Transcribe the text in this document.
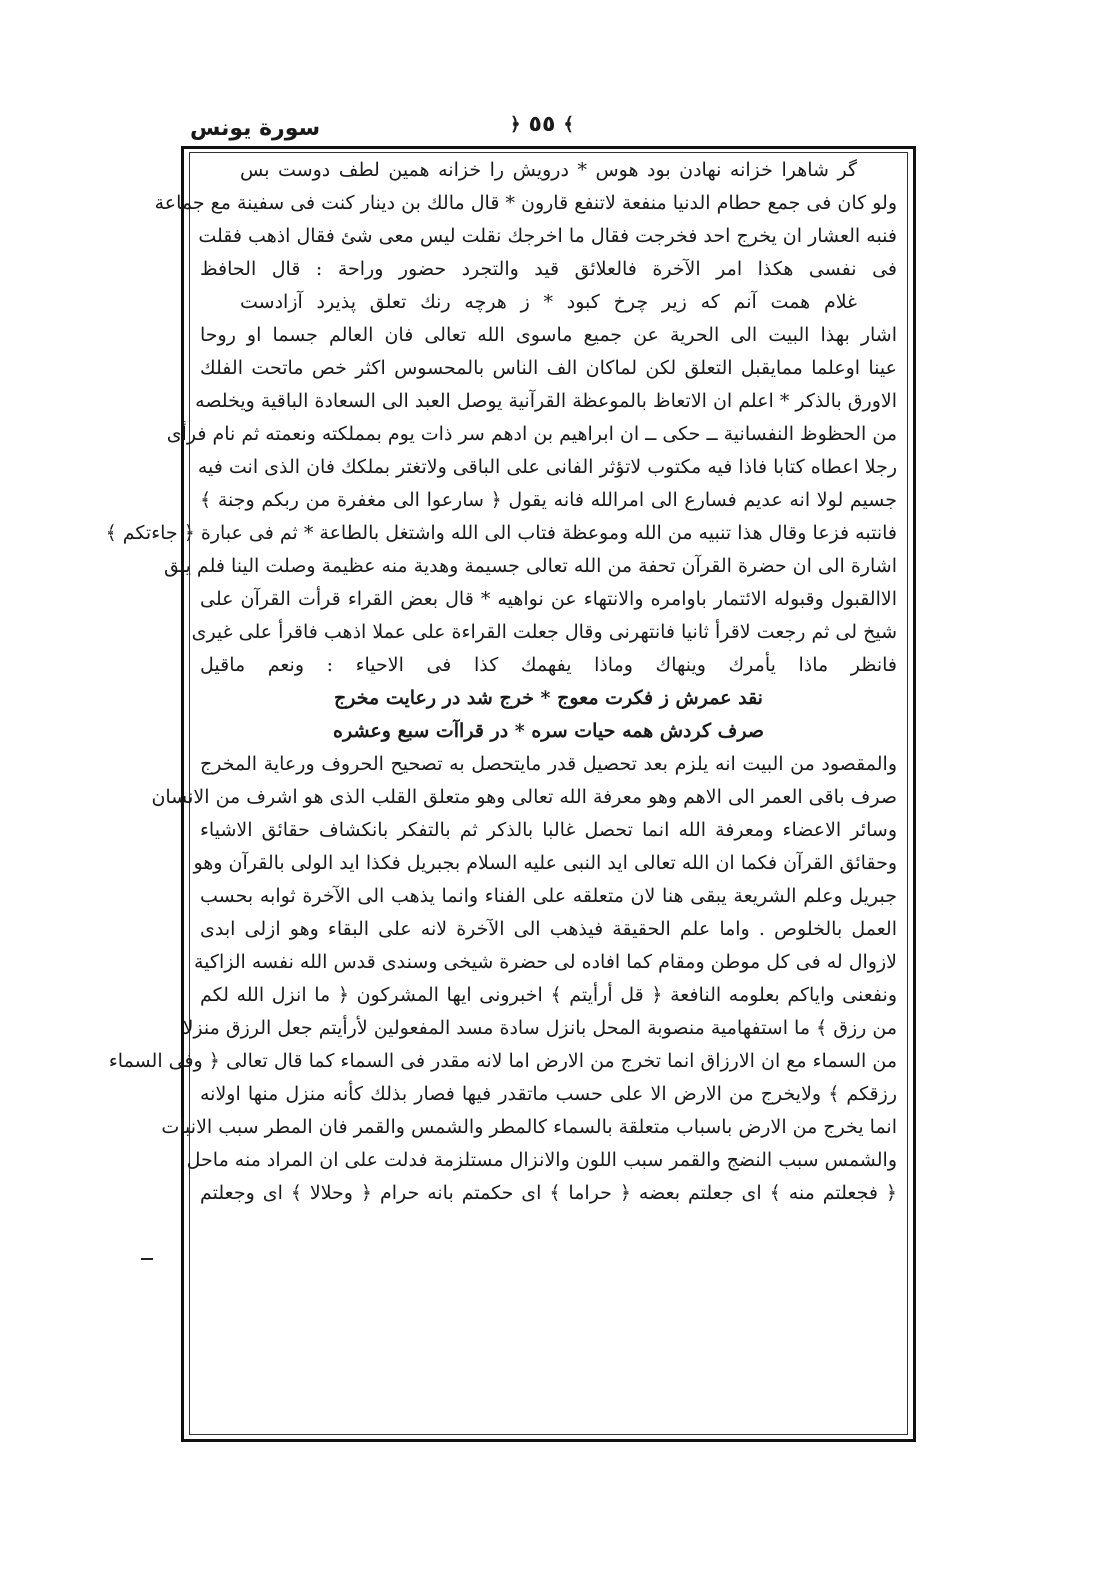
سورة يونس	﴾
٥٥
﴿
گر شاهرا خزانه نهادن بود هوس * درويش را خزانه همين لطف دوست بس
ولو كان فى جمع حطام الدنيا منفعة لاتنفع قارون * قال مالك بن دينار كنت فى سفينة مع جماعة
فنبه العشار ان يخرج احد فخرجت فقال ما اخرجك نقلت ليس معى شئ فقال اذهب فقلت
فى نفسى هكذا امر الآخرة فالعلائق قيد والتجرد حضور وراحة : قال الحافظ
غلام همت آنم كه زير چرخ كبود * ز هرچه رنك تعلق پذيرد آزادست
اشار بهذا البيت الى الحرية عن جميع ماسوى الله تعالى فان العالم جسما او روحا
عينا اوعلما ممايقبل التعلق لكن لماكان الف الناس بالمحسوس اكثر خص ماتحت الفلك
الاورق بالذكر * اعلم ان الاتعاظ بالموعظة القرآنية يوصل العبد الى السعادة الباقية ويخلصه
من الحظوظ النفسانية ــ حكى ــ ان ابراهيم بن ادهم سر ذات يوم بمملكته ونعمته ثم نام فرأى
رجلا اعطاه كتابا فاذا فيه مكتوب لاتؤثر الفانى على الباقى ولاتغتر بملكك فان الذى انت فيه
جسيم لولا انه عديم فسارع الى امرالله فانه يقول ﴿ سارعوا الى مغفرة من ربكم وجنة ﴾
فانتبه فزعا وقال هذا تنبيه من الله وموعظة فتاب الى الله واشتغل بالطاعة * ثم فى عبارة ﴿ جاءتكم ﴾
اشارة الى ان حضرة القرآن تحفة من الله تعالى جسيمة وهدية منه عظيمة وصلت الينا فلم يبق
الاالقبول وقبوله الائتمار باوامره والانتهاء عن نواهيه * قال بعض القراء قرأت القرآن على
شيخ لى ثم رجعت لاقرأ ثانيا فانتهرنى وقال جعلت القراءة على عملا اذهب فاقرأ على غيرى
فانظر ماذا يأمرك وينهاك وماذا يفهمك كذا فى الاحياء : ونعم ماقيل
نقد عمرش ز فكرت معوج * خرج شد در رعايت مخرج
صرف كردش همه حيات سره * در قراآت سبع وعشره
والمقصود من البيت انه يلزم بعد تحصيل قدر مايتحصل به تصحيح الحروف ورعاية المخرج
صرف باقى العمر الى الاهم وهو معرفة الله تعالى وهو متعلق القلب الذى هو اشرف من الانسان
وسائر الاعضاء ومعرفة الله انما تحصل غالبا بالذكر ثم بالتفكر بانكشاف حقائق الاشياء
وحقائق القرآن فكما ان الله تعالى ايد النبى عليه السلام بجبريل فكذا ايد الولى بالقرآن وهو
جبريل وعلم الشريعة يبقى هنا لان متعلقه على الفناء وانما يذهب الى الآخرة ثوابه بحسب
العمل بالخلوص . واما علم الحقيقة فيذهب الى الآخرة لانه على البقاء وهو ازلى ابدى
لازوال له فى كل موطن ومقام كما افاده لى حضرة شيخى وسندى قدس الله نفسه الزاكية
ونفعنى واياكم بعلومه النافعة ﴿ قل أرأيتم ﴾ اخبرونى ايها المشركون ﴿ ما انزل الله لكم
من رزق ﴾ ما استفهامية منصوبة المحل بانزل سادة مسد المفعولين لأرأيتم جعل الرزق منزلا
من السماء مع ان الارزاق انما تخرج من الارض اما لانه مقدر فى السماء كما قال تعالى ﴿ وفى السماء
رزقكم ﴾ ولايخرج من الارض الا على حسب ماتقدر فيها فصار بذلك كأنه منزل منها اولانه
انما يخرج من الارض باسباب متعلقة بالسماء كالمطر والشمس والقمر فان المطر سبب الانبات
والشمس سبب النضج والقمر سبب اللون والانزال مستلزمة فدلت على ان المراد منه ماحل
﴿ فجعلتم منه ﴾ اى جعلتم بعضه ﴿ حراما ﴾ اى حكمتم بانه حرام ﴿ وحلالا ﴾ اى وجعلتم
